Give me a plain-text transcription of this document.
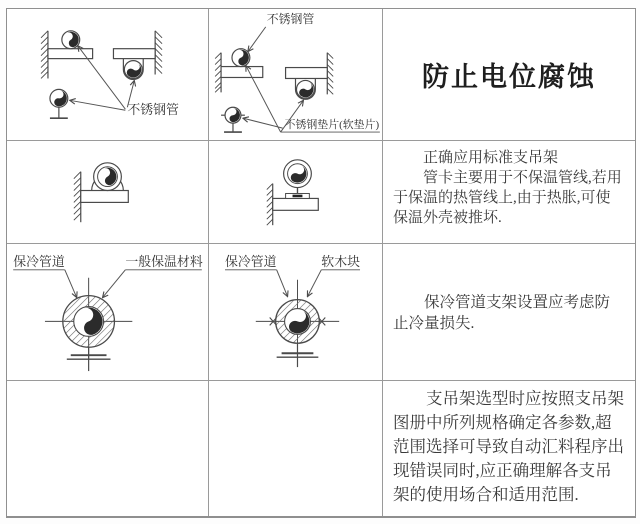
不锈钢管
不锈钢管
不锈钢垫片(软垫片)
防止电位腐蚀

正确应用标准支吊架

管卡主要用于不保温管线,若用于保温的热管线上,由于热胀,可使保温外壳被推坏.

保冷管道	一般保温材料 保冷管道	软木块

保冷管道支架设置应考虑防止冷量损失.

支吊架选型时应按照支吊架图册中所列规格确定各参数,超范围选择可导致自动汇料程序出现错误同时,应正确理解各支吊架的使用场合和适用范围.
